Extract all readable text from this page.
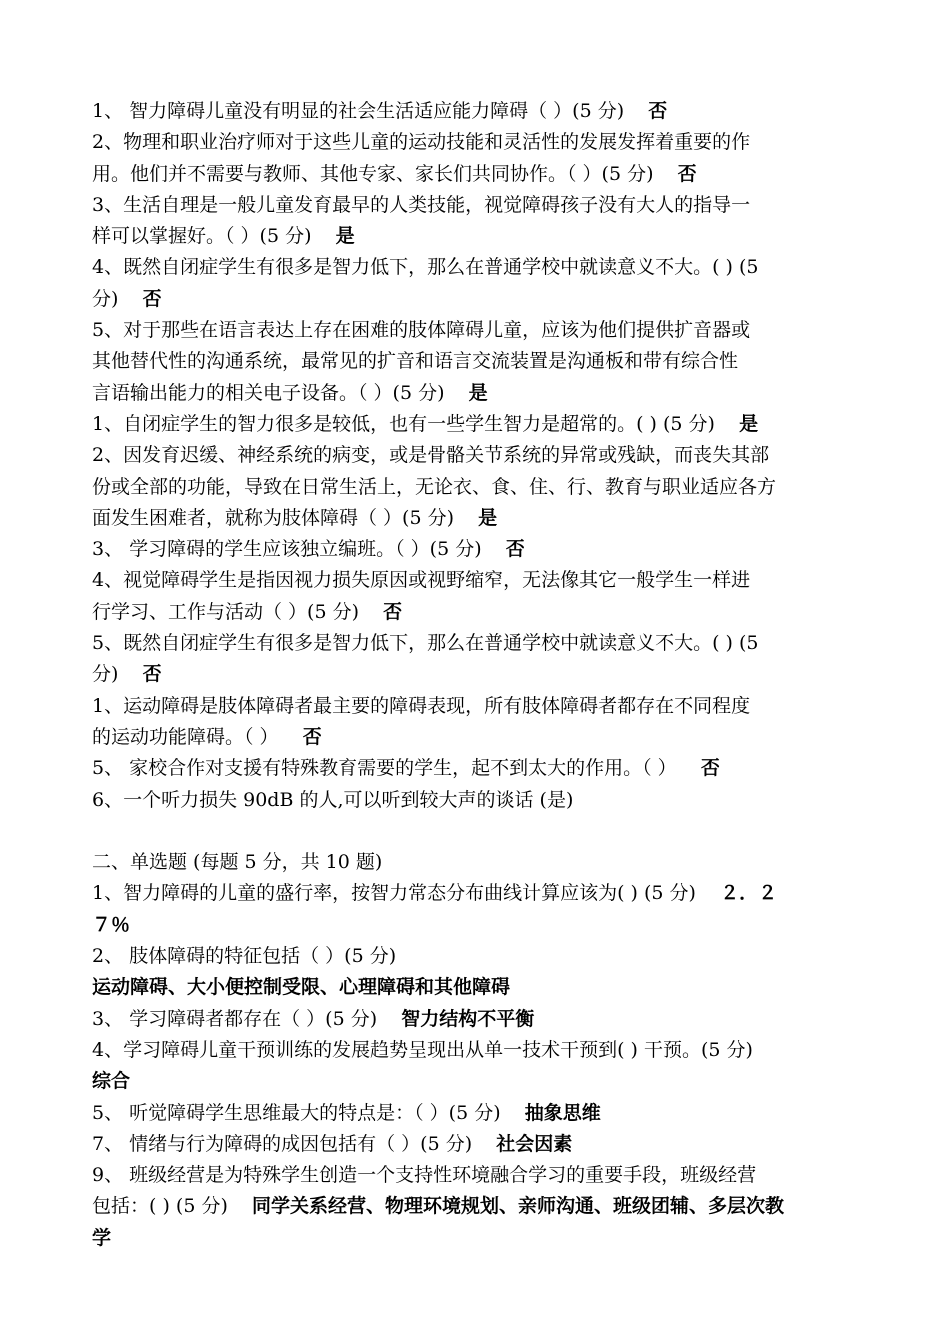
1、 智力障碍儿童没有明显的社会生活适应能力障碍（ ）(5 分) 否
2、物理和职业治疗师对于这些儿童的运动技能和灵活性的发展发挥着重要的作
用。他们并不需要与教师、其他专家、家长们共同协作。（ ）(5 分) 否
3、生活自理是一般儿童发育最早的人类技能，视觉障碍孩子没有大人的指导一
样可以掌握好。（ ）(5 分) 是
4、既然自闭症学生有很多是智力低下，那么在普通学校中就读意义不大。( ) (5
分) 否
5、对于那些在语言表达上存在困难的肢体障碍儿童，应该为他们提供扩音器或
其他替代性的沟通系统，最常见的扩音和语言交流装置是沟通板和带有综合性
言语输出能力的相关电子设备。（ ）(5 分) 是
1、自闭症学生的智力很多是较低，也有一些学生智力是超常的。( ) (5 分) 是
2、因发育迟缓、神经系统的病变，或是骨骼关节系统的异常或残缺，而丧失其部
份或全部的功能，导致在日常生活上，无论衣、食、住、行、教育与职业适应各方
面发生困难者，就称为肢体障碍（ ）(5 分) 是
3、 学习障碍的学生应该独立编班。（ ）(5 分) 否
4、视觉障碍学生是指因视力损失原因或视野缩窄，无法像其它一般学生一样进
行学习、工作与活动（ ）(5 分) 否
5、既然自闭症学生有很多是智力低下，那么在普通学校中就读意义不大。( ) (5
分) 否
1、运动障碍是肢体障碍者最主要的障碍表现，所有肢体障碍者都存在不同程度
的运动功能障碍。（ ） 否
5、 家校合作对支援有特殊教育需要的学生，起不到太大的作用。（ ） 否
6、一个听力损失 90dB 的人,可以听到较大声的谈话 (是)
二、单选题 (每题 5 分，共 10 题)
1、智力障碍的儿童的盛行率，按智力常态分布曲线计算应该为( ) (5 分) ２．２
７％
2、 肢体障碍的特征包括（ ）(5 分)
运动障碍、大小便控制受限、心理障碍和其他障碍
3、 学习障碍者都存在（ ）(5 分) 智力结构不平衡
4、学习障碍儿童干预训练的发展趋势呈现出从单一技术干预到( ) 干预。(5 分)
综合
5、 听觉障碍学生思维最大的特点是：（ ）(5 分) 抽象思维
7、 情绪与行为障碍的成因包括有（ ）(5 分) 社会因素
9、 班级经营是为特殊学生创造一个支持性环境融合学习的重要手段，班级经营
包括：( ) (5 分) 同学关系经营、物理环境规划、亲师沟通、班级团辅、多层次教
学
